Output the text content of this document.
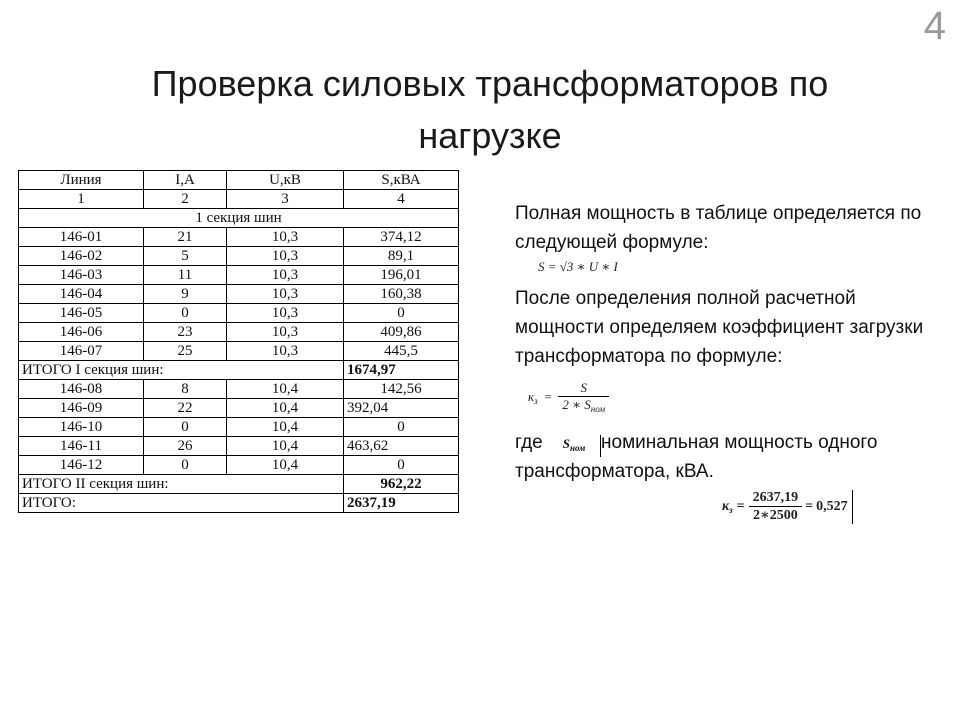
4
Проверка силовых трансформаторов по
нагрузке
Линия	I,A	U,кВ	S,кВА
1	2	3	4
1 секция шин			
146-01	21	10,3	374,12
146-02	5	10,3	89,1
146-03	11	10,3	196,01
146-04	9	10,3	160,38
146-05	0	10,3	0
146-06	23	10,3	409,86
146-07	25	10,3	445,5
ИТОГО I секция шин:			1674,97
146-08	8	10,4	142,56
146-09	22	10,4	392,04
146-10	0	10,4	0
146-11	26	10,4	463,62
146-12	0	10,4	0
ИТОГО II секция шин:			962,22
ИТОГО:			2637,19
Полная мощность в таблице определяется по следующей формуле:
S = √3 ∗ U ∗ I
После определения полной расчетной мощности определяем коэффициент загрузки трансформатора по формуле:
$к_з = \frac{S}{2 ∗ S_{ном}}$
где $S_{ном}$ номинальная мощность одного трансформатора, кВА.
$к_з = \frac{2637,19}{2∗2500} = 0,527$
